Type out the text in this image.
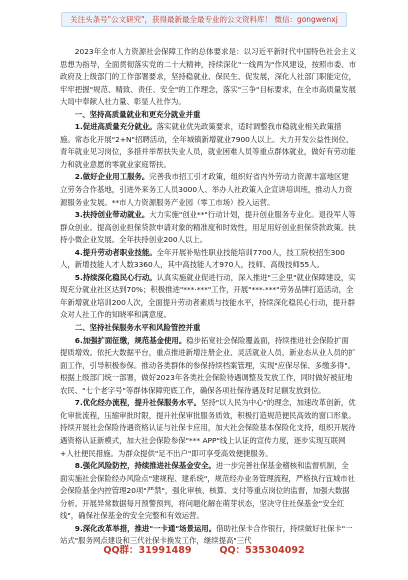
关注头条号"公文研究"，获得最新最全最专业的公文资料库！ 微信：gongwenxj

2023年全市人力资源社会保障工作的总体要求是：以习近平新时代中国特色社会主义思想为指导，全面贯彻落实党的二十大精神，持续深化"一线两为"作风建设，按照市委、市政府及上级部门的工作部署要求，坚持稳就业、保民生、促发展，深化人社部门职能定位，牢牢把握"规范、精致、责任、安全"的工作理念，落实"三争"目标要求，在全市高质量发展大局中奉献人社力量、彰显人社作为。

一、坚持高质量就业和更充分就业并重

1.促进高质量充分就业。落实就业优先政策要求，适时调整我市稳就业相关政策措施。常态化开展"2+N"招聘活动，全年城镇新增就业7900人以上。大力开发公益性岗位、青年就业见习岗位，多措并举帮扶失业人员，就业困难人员等重点群体就业，做好有劳动能力和就业意愿的零就业家庭帮扶。

2.做好企业用工服务。完善我市招工引才政策，组织好省内外劳动力资源丰富地区建立劳务合作基地，引进外来务工人员3000人、举办人社政策入企宣讲培训班，推动人力资源服务业发展。**市人力资源服务产业园（零工市场）投入运营。

3.扶持创业带动就业。大力实施"创业**"行动计划，提升创业服务专业化。退役军人等群众创业。提高创业担保贷款申请对象的精准度和时效性，用足用好创业担保贷款政策。扶持小微企业发展。全年扶持创业200人以上。

4.提升劳动者职业技能。全年开展补贴性职业技能培训7700人，技工院校招生300人，新增技能人才人数3360人，其中高技能人才970人，技师、高级技师55人。

5.持续深化稳民心行动。认真实施就业促进行动，深入推进"三企里"就业保障建设，实现充分就业社区达到70%；积极推进"***·***"工作，开展"***·***"劳务品牌打造活动，全年新增就业培训200人次，全面提升劳动者素质与技能水平，持续深化稳民心行动，提升群众对人社工作的知晓率和满意度。

二、坚持社保服务水平和风险管控并重

6.加强扩面征缴，规范基金使用。稳步拓宽社会保险覆盖面，持续推进社会保险扩面提质增效。依托大数据平台，重点推进新增注册企业、灵活就业人员、新业态从业人员的扩面工作，引导积极参保。推动各类群体的参保持续档案管理，实现"应保尽保、多缴多得"。根据上级部门统一部署，做好2023年各类社会保险待遇调整及发放工作，同时做好被征地农民、"七个老字号"等群体保障兜底工作，确保各项社保待遇及时足额发放到位。

7.优化经办流程，提升社保服务水平。坚持"以人民为中心"的理念，加速改革创新，优化审批流程，压缩审批时限，提升社保审批服务质效，积极打造规范便民高效的窗口形象。持续开展社会保险待遇资格认证与社保卡应用，加大社会保险基本保险化支持，组织开展待遇资格认证新模式，加大社会保险参保"*** APP"线上认证的宣传力度，逐步实现互联网+人社便民措施。为群众提供"足不出户"即可享受高效便捷服务。

8.强化风险防控，持续推进社保基金安全。进一步完善社保基金稽核和监督机制，全面实施社会保险经办风险点"建规程、建系统"，规范经办业务管理流程，严格执行宜城市社会保险基金内控管理20项"严禁"，强化审核、核算、支付等重点岗位的监督，加强大数据分析。开展异常数据每月预警预判，将问题化解在萌芽状态，坚决守住社保基金"安全红线"，确保社保基金的安全完整和有效运营。

9.深化改革举措，推进"一卡通"场景运用。借助社保卡合作银行，持续做好社保卡"一站式"服务网点建设和三代社保卡换发工作，继续提高"三代

QQ群：31991489	QQ：535304092
